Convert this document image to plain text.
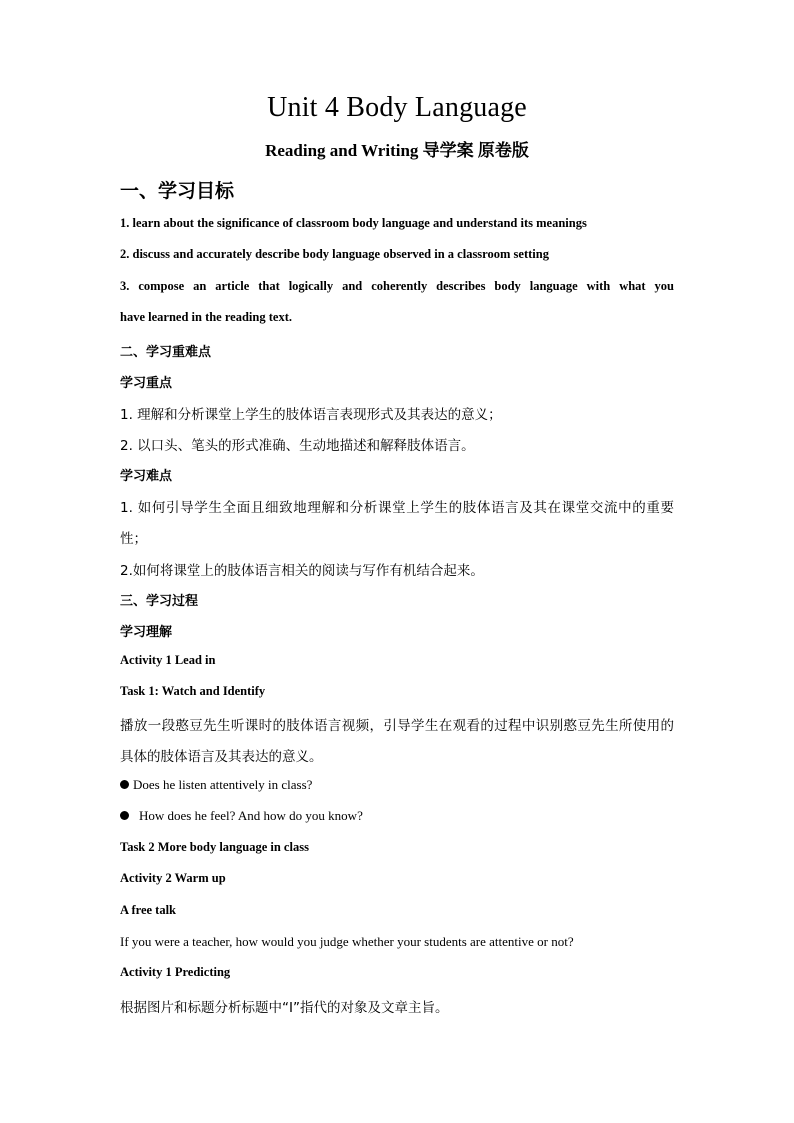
Unit 4 Body Language
Reading and Writing 导学案 原卷版
一、学习目标
1. learn about the significance of classroom body language and understand its meanings
2. discuss and accurately describe body language observed in a classroom setting
3. compose an article that logically and coherently describes body language with what you
have learned in the reading text.
二、学习重难点
学习重点
1. 理解和分析课堂上学生的肢体语言表现形式及其表达的意义；
2. 以口头、笔头的形式准确、生动地描述和解释肢体语言。
学习难点
1. 如何引导学生全面且细致地理解和分析课堂上学生的肢体语言及其在课堂交流中的重要
性；
2.如何将课堂上的肢体语言相关的阅读与写作有机结合起来。
三、学习过程
学习理解
Activity 1 Lead in
Task 1: Watch and Identify
播放一段憨豆先生听课时的肢体语言视频，引导学生在观看的过程中识别憨豆先生所使用的
具体的肢体语言及其表达的意义。
Does he listen attentively in class?
How does he feel? And how do you know?
Task 2 More body language in class
Activity 2 Warm up
A free talk
If you were a teacher, how would you judge whether your students are attentive or not?
Activity 1 Predicting
根据图片和标题分析标题中“I”指代的对象及文章主旨。
